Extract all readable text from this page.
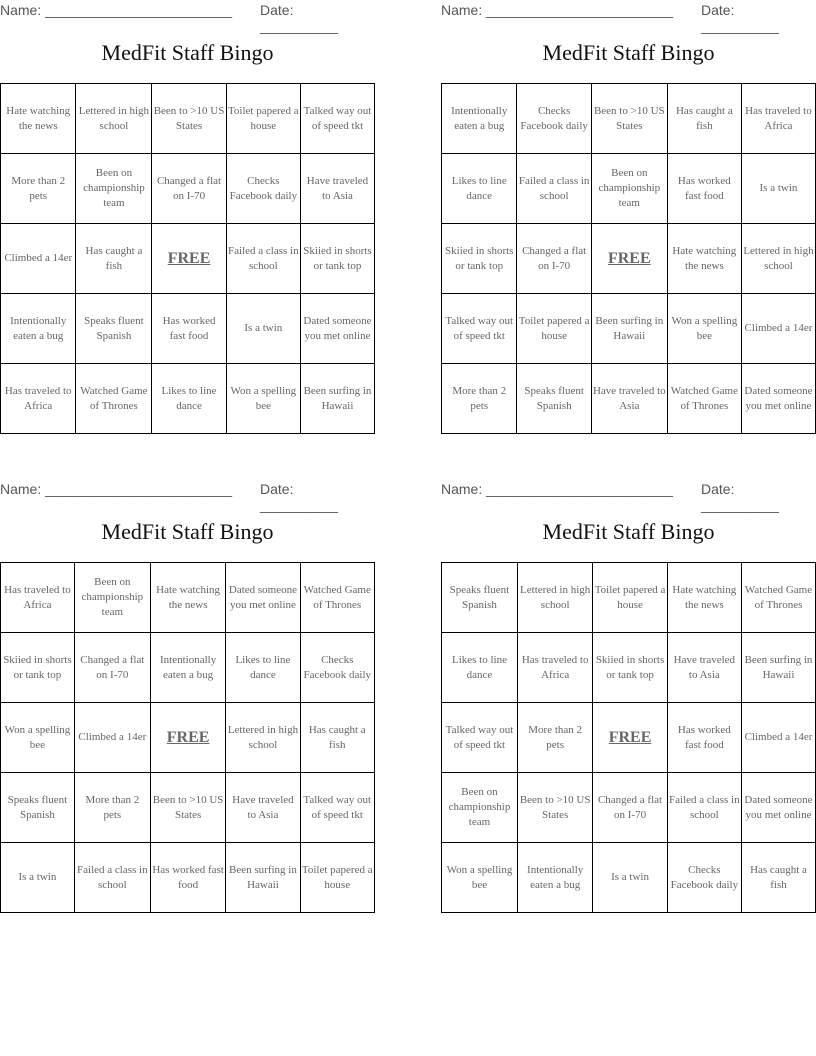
Name: ________________________ Date: __________
MedFit Staff Bingo
Hate watching the news	Lettered in high school	Been to >10 US States	Toilet papered a house	Talked way out of speed tkt
More than 2 pets	Been on championship team	Changed a flat on I-70	Checks Facebook daily	Have traveled to Asia
Climbed a 14er	Has caught a fish	FREE	Failed a class in school	Skiied in shorts or tank top
Intentionally eaten a bug	Speaks fluent Spanish	Has worked fast food	Is a twin	Dated someone you met online
Has traveled to Africa	Watched Game of Thrones	Likes to line dance	Won a spelling bee	Been surfing in Hawaii
Name: ________________________ Date: __________
MedFit Staff Bingo
Intentionally eaten a bug	Checks Facebook daily	Been to >10 US States	Has caught a fish	Has traveled to Africa
Likes to line dance	Failed a class in school	Been on championship team	Has worked fast food	Is a twin
Skiied in shorts or tank top	Changed a flat on I-70	FREE	Hate watching the news	Lettered in high school
Talked way out of speed tkt	Toilet papered a house	Been surfing in Hawaii	Won a spelling bee	Climbed a 14er
More than 2 pets	Speaks fluent Spanish	Have traveled to Asia	Watched Game of Thrones	Dated someone you met online
Name: ________________________ Date: __________
MedFit Staff Bingo
Has traveled to Africa	Been on championship team	Hate watching the news	Dated someone you met online	Watched Game of Thrones
Skiied in shorts or tank top	Changed a flat on I-70	Intentionally eaten a bug	Likes to line dance	Checks Facebook daily
Won a spelling bee	Climbed a 14er	FREE	Lettered in high school	Has caught a fish
Speaks fluent Spanish	More than 2 pets	Been to >10 US States	Have traveled to Asia	Talked way out of speed tkt
Is a twin	Failed a class in school	Has worked fast food	Been surfing in Hawaii	Toilet papered a house
Name: ________________________ Date: __________
MedFit Staff Bingo
Speaks fluent Spanish	Lettered in high school	Toilet papered a house	Hate watching the news	Watched Game of Thrones
Likes to line dance	Has traveled to Africa	Skiied in shorts or tank top	Have traveled to Asia	Been surfing in Hawaii
Talked way out of speed tkt	More than 2 pets	FREE	Has worked fast food	Climbed a 14er
Been on championship team	Been to >10 US States	Changed a flat on I-70	Failed a class in school	Dated someone you met online
Won a spelling bee	Intentionally eaten a bug	Is a twin	Checks Facebook daily	Has caught a fish
